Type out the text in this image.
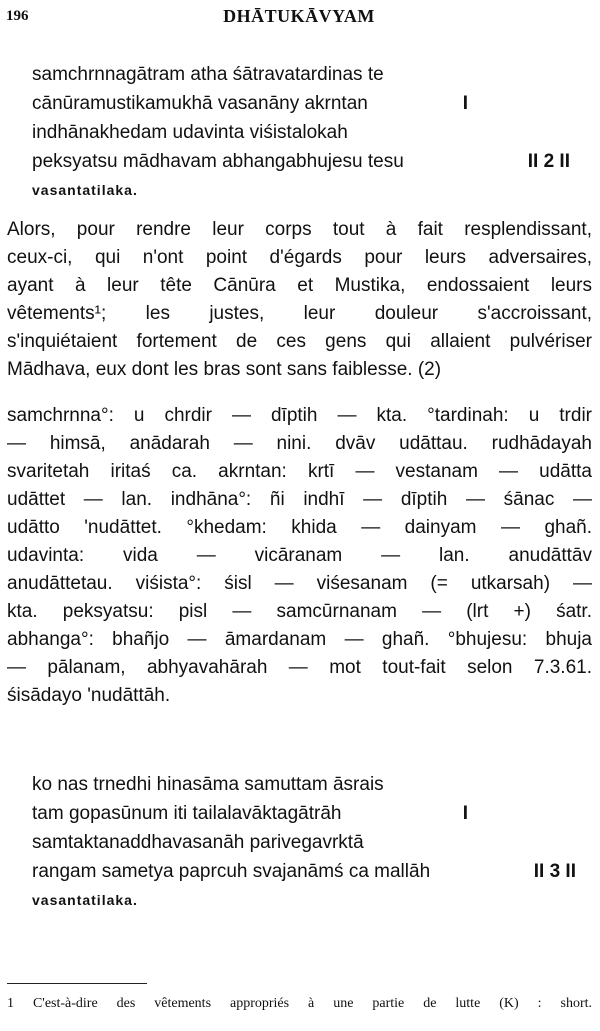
196	DHĀTUKĀVYAM
samchrnnagātram atha śātravatardinas te
cānūramustikamukhā vasanāny akrntan	I
indhānakhedam udavinta viśistalokah
peksyatsu mādhavam abhangabhujesu tesu	II 2 II
vasantatilaka.

Alors, pour rendre leur corps tout à fait resplendissant,

ceux-ci, qui n'ont point d'égards pour leurs adversaires,

ayant à leur tête Cānūra et Mustika, endossaient leurs

vêtements¹; les justes, leur douleur s'accroissant,

s'inquiétaient fortement de ces gens qui allaient pulvériser

Mādhava, eux dont les bras sont sans faiblesse. (2)

samchrnna°: u chrdir — dīptih — kta. °tardinah: u trdir

— himsā, anādarah — nini. dvāv udāttau. rudhādayah

svaritetah iritaś ca. akrntan: krtī — vestanam — udātta

udāttet — lan. indhāna°: ñi indhī — dīptih — śānac —

udātto 'nudāttet. °khedam: khida — dainyam — ghañ.

udavinta: vida — vicāranam — lan. anudāttāv

anudāttetau. viśista°: śisl — viśesanam (= utkarsah) —

kta. peksyatsu: pisl — samcūrnanam — (lrt +) śatr.

abhanga°: bhañjo — āmardanam — ghañ. °bhujesu: bhuja

— pālanam, abhyavahārah — mot tout-fait selon 7.3.61.

śisādayo 'nudāttāh.

ko nas trnedhi hinasāma samuttam āsrais
tam gopasūnum iti tailalavāktagātrāh	I
samtaktanaddhavasanāh parivegavrktā
rangam sametya paprcuh svajanāmś ca mallāh	II 3 II
vasantatilaka.
1 C'est-à-dire des vêtements appropriés à une partie de lutte (K) : short.
